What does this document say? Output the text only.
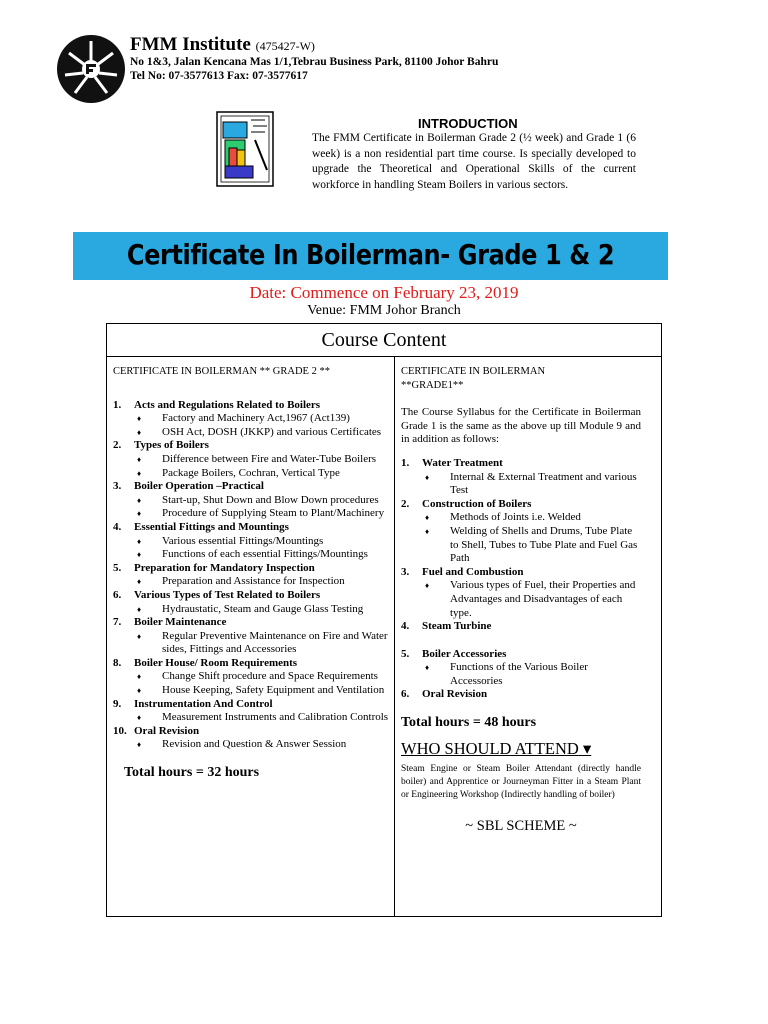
FMM Institute (475427-W)
No 1&3, Jalan Kencana Mas 1/1,Tebrau Business Park, 81100 Johor Bahru
Tel No: 07-3577613 Fax: 07-3577617
INTRODUCTION
The FMM Certificate in Boilerman Grade 2 (½ week) and Grade 1 (6 week) is a non residential part time course. Is specially developed to upgrade the Theoretical and Operational Skills of the current workforce in handling Steam Boilers in various sectors.
Certificate In Boilerman- Grade 1 & 2
Date: Commence on February 23, 2019
Venue: FMM Johor Branch
Course Content
CERTIFICATE IN BOILERMAN ** GRADE 2 **
1.	Acts and Regulations Related to Boilers
♦	Factory and Machinery Act,1967 (Act139)
♦	OSH Act, DOSH (JKKP) and various Certificates
2.	Types of Boilers
♦	Difference between Fire and Water-Tube Boilers
♦	Package Boilers, Cochran, Vertical Type
3.	Boiler Operation –Practical
♦	Start-up, Shut Down and Blow Down procedures
♦	Procedure of Supplying Steam to Plant/Machinery
4.	Essential Fittings and Mountings
♦	Various essential Fittings/Mountings
♦	Functions of each essential Fittings/Mountings
5.	Preparation for Mandatory Inspection
♦	Preparation and Assistance for Inspection
6.	Various Types of Test Related to Boilers
♦	Hydraustatic, Steam and Gauge Glass Testing
7.	Boiler Maintenance
♦	Regular Preventive Maintenance on Fire and Water sides, Fittings and Accessories
8.	Boiler House/ Room Requirements
♦	Change Shift procedure and Space Requirements
♦	House Keeping, Safety Equipment and Ventilation
9.	Instrumentation And Control
♦	Measurement Instruments and Calibration Controls
10. Oral Revision
♦	Revision and Question & Answer Session
Total hours = 32 hours
CERTIFICATE IN BOILERMAN
**GRADE1**
The Course Syllabus for the Certificate in Boilerman Grade 1 is the same as the above up till Module 9 and in addition as follows:
1.	Water Treatment
♦	Internal & External Treatment and various Test
2.	Construction of Boilers
♦	Methods of Joints i.e. Welded
♦	Welding of Shells and Drums, Tube Plate to Shell, Tubes to Tube Plate and Fuel Gas Path
3.	Fuel and Combustion
♦	Various types of Fuel, their Properties and Advantages and Disadvantages of each type.
4.	Steam Turbine
5.	Boiler Accessories
♦	Functions of the Various Boiler Accessories
6.	Oral Revision
Total hours = 48 hours
WHO SHOULD ATTEND ▾
Steam Engine or Steam Boiler Attendant (directly handle boiler) and Apprentice or Journeyman Fitter in a Steam Plant or Engineering Workshop (Indirectly handling of boiler)
~ SBL SCHEME ~
